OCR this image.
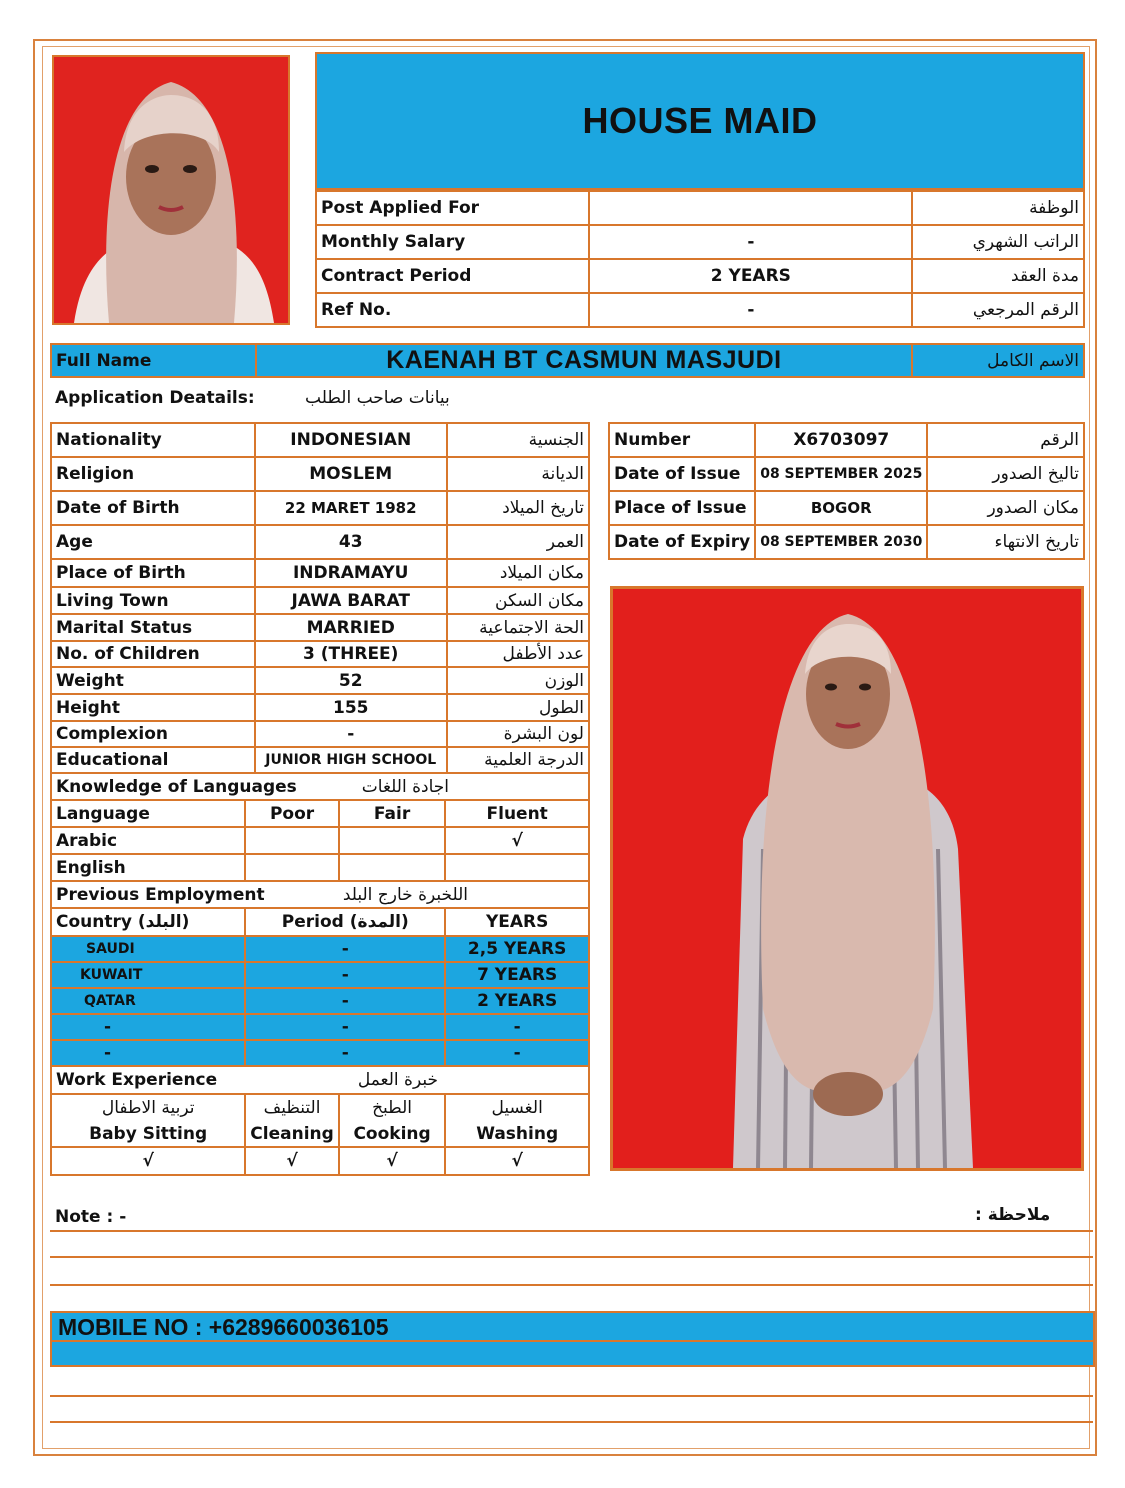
HOUSE MAID
Post Applied For		الوظفة
Monthly Salary	-	الراتب الشهري
Contract Period	2 YEARS	مدة العقد
Ref No.	-	الرقم المرجعي
Full Name	KAENAH BT CASMUN MASJUDI	الاسم الكامل
Application Deatails:	بيانات صاحب الطلب
Nationality	INDONESIAN	الجنسية
Religion	MOSLEM	الديانة
Date of Birth	22 MARET 1982	تاريخ الميلاد
Age	43	العمر
Place of Birth	INDRAMAYU	مكان الميلاد
Living Town	JAWA BARAT	مكان السكن
Marital Status	MARRIED	الحة الاجتماعية
No. of Children	3 (THREE)	عدد الأطفل
Weight	52	الوزن
Height	155	الطول
Complexion	-	لون البشرة
Educational	JUNIOR HIGH SCHOOL	الدرجة العلمية
Number	X6703097	الرقم
Date of Issue	08 SEPTEMBER 2025	تاليخ الصدور
Place of Issue	BOGOR	مكان الصدور
Date of Expiry	08 SEPTEMBER 2030	تاريخ الانتهاء
Knowledge of Languages		اجادة اللغات	
Language	Poor	Fair	Fluent
Arabic			√
English			
Previous Employment		اللخبرة خارج البلد	
Country (البلد)	Period (المدة)		YEARS
SAUDI	-		2,5 YEARS
KUWAIT	-		7 YEARS
QATAR	-		2 YEARS
-	-		-
-	-		-
Work Experience		خبرة العمل	
تربية الاطفال	التنظيف	الطبخ	الغسيل
Baby Sitting	Cleaning	Cooking	Washing
√	√	√	√
Note : -	ملاحظة :
MOBILE NO : +6289660036105
